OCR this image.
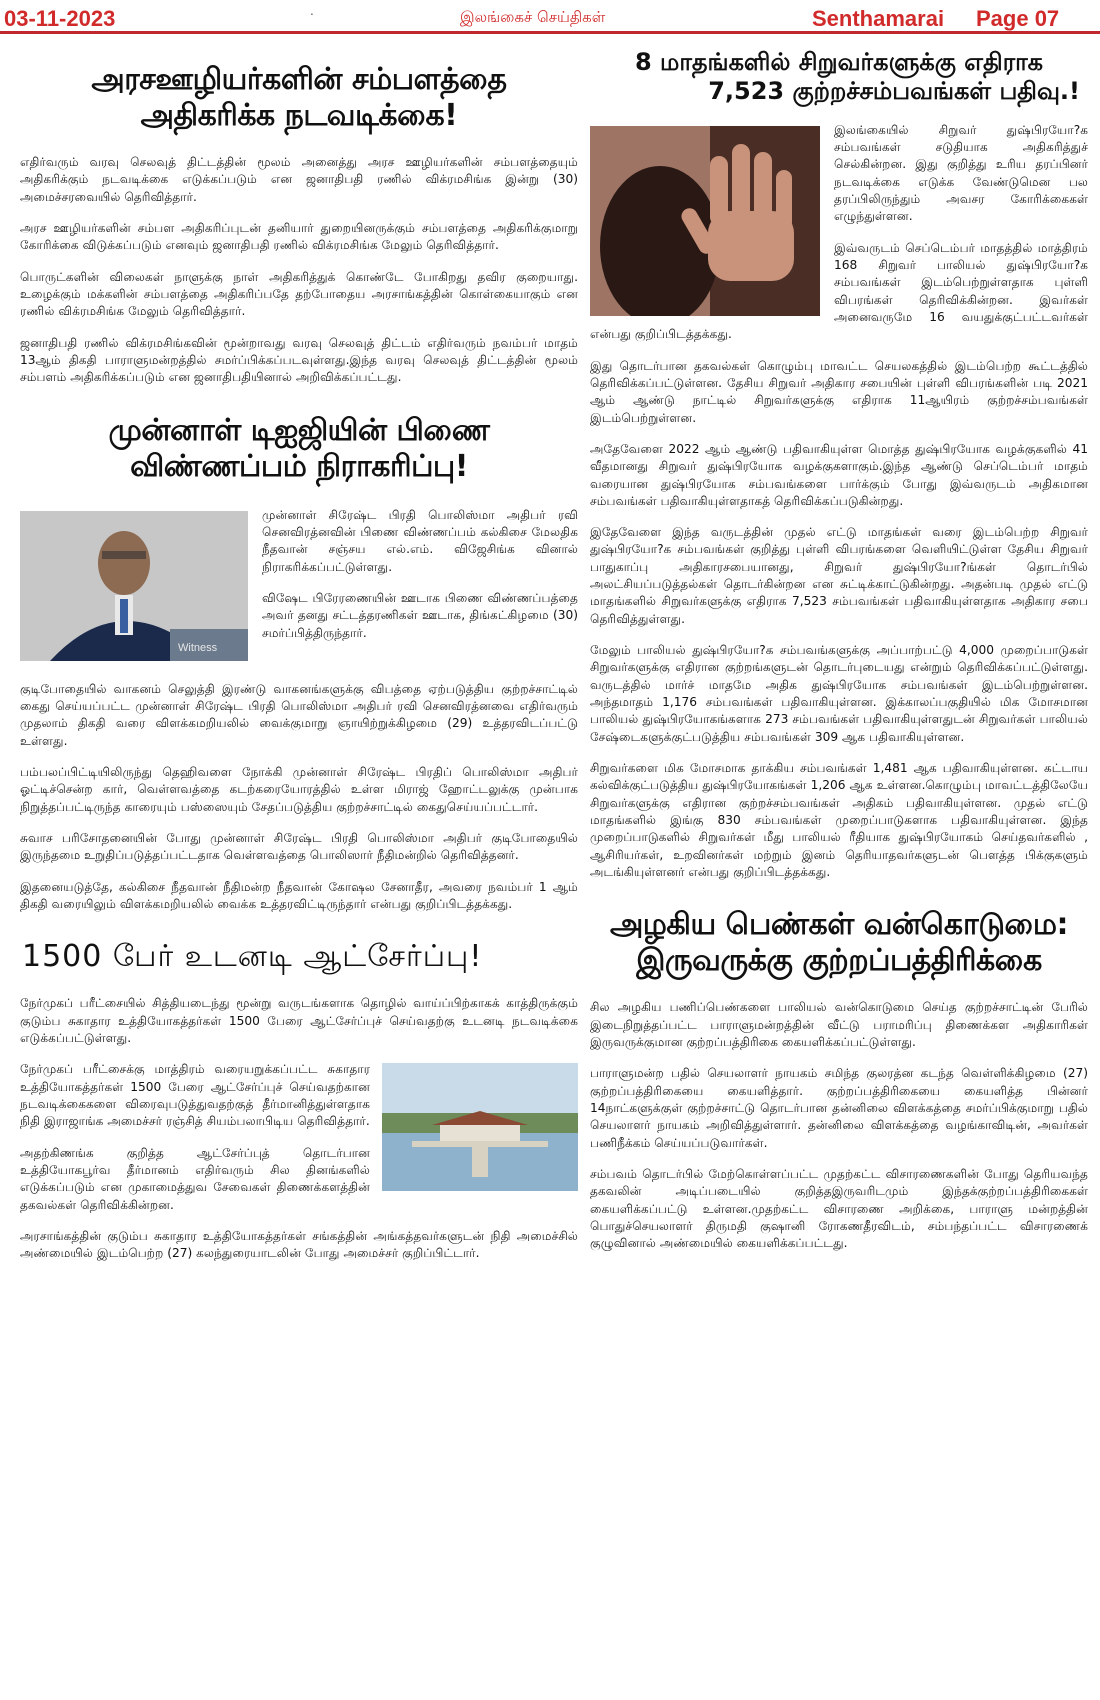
03-11-2023	.	இலங்கைச் செய்திகள்	Senthamarai Page 07
அரசஊழியர்களின் சம்பளத்தை அதிகரிக்க நடவடிக்கை!

எதிர்வரும் வரவு செலவுத் திட்டத்தின் மூலம் அனைத்து அரச ஊழியர்களின் சம்பளத்தையும் அதிகரிக்கும் நடவடிக்கை எடுக்கப்படும் என ஜனாதிபதி ரணில் விக்ரமசிங்க இன்று (30) அமைச்சரவையில் தெரிவித்தார்.

அரச ஊழியர்களின் சம்பள அதிகரிப்புடன் தனியார் துறையினருக்கும் சம்பளத்தை அதிகரிக்குமாறு கோரிக்கை விடுக்கப்படும் எனவும் ஜனாதிபதி ரணில் விக்ரமசிங்க மேலும் தெரிவித்தார்.

பொருட்களின் விலைகள் நாளுக்கு நாள் அதிகரித்துக் கொண்டே போகிறது தவிர குறையாது. உழைக்கும் மக்களின் சம்பளத்தை அதிகரிப்பதே தற்போதைய அரசாங்கத்தின் கொள்கையாகும் என ரணில் விக்ரமசிங்க மேலும் தெரிவித்தார்.

ஜனாதிபதி ரணில் விக்ரமசிங்கவின் மூன்றாவது வரவு செலவுத் திட்டம் எதிர்வரும் நவம்பர் மாதம் 13ஆம் திகதி பாராளுமன்றத்தில் சமர்ப்பிக்கப்படவுள்ளது.இந்த வரவு செலவுத் திட்டத்தின் மூலம் சம்பளம் அதிகரிக்கப்படும் என ஜனாதிபதியினால் அறிவிக்கப்பட்டது.

முன்னாள் டிஐஜியின் பிணை விண்ணப்பம் நிராகரிப்பு!
Witness

முன்னாள் சிரேஷ்ட பிரதி பொலிஸ்மா அதிபர் ரவி செனவிரத்னவின் பிணை விண்ணப்பம் கல்கிசை மேலதிக நீதவான் சஞ்சய எல்.எம். விஜேசிங்க வினால் நிராகரிக்கப்பட்டுள்ளது.

விஷேட பிரேரணையின் ஊடாக பிணை விண்ணப்பத்தை அவர் தனது சட்டத்தரணிகள் ஊடாக, திங்கட்கிழமை (30) சமர்ப்பித்திருந்தார்.

குடிபோதையில் வாகனம் செலுத்தி இரண்டு வாகனங்களுக்கு விபத்தை ஏற்படுத்திய குற்றச்சாட்டில் கைது செய்யப்பட்ட முன்னாள் சிரேஷ்ட பிரதி பொலிஸ்மா அதிபர் ரவி செனவிரத்னவை எதிர்வரும் முதலாம் திகதி வரை விளக்கமறியலில் வைக்குமாறு ஞாயிற்றுக்கிழமை (29) உத்தரவிடப்பட்டு உள்ளது.

பம்பலப்பிட்டியிலிருந்து தெஹிவளை நோக்கி முன்னாள் சிரேஷ்ட பிரதிப் பொலிஸ்மா அதிபர் ஓட்டிச்சென்ற கார், வெள்ளவத்தை கடற்கரையோரத்தில் உள்ள மிராஜ் ஹோட்டலுக்கு முன்பாக நிறுத்தப்பட்டிருந்த காரையும் பஸ்ஸையும் சேதப்படுத்திய குற்றச்சாட்டில் கைதுசெய்யப்பட்டார்.

சுவாச பரிசோதனையின் போது முன்னாள் சிரேஷ்ட பிரதி பொலிஸ்மா அதிபர் குடிபோதையில் இருந்தமை உறுதிப்படுத்தப்பட்டதாக வெள்ளவத்தை பொலிஸார் நீதிமன்றில் தெரிவித்தனர்.

இதனையடுத்தே, கல்கிசை நீதவான் நீதிமன்ற நீதவான் கோஷல சேனாதீர, அவரை நவம்பர் 1 ஆம் திகதி வரையிலும் விளக்கமறியலில் வைக்க உத்தரவிட்டிருந்தார் என்பது குறிப்பிடத்தக்கது.

1500 பேர் உடனடி ஆட்சேர்ப்பு!

நேர்முகப் பரீட்சையில் சித்தியடைந்து மூன்று வருடங்களாக தொழில் வாய்ப்பிற்காகக் காத்திருக்கும் குடும்ப சுகாதார உத்தியோகத்தர்கள் 1500 பேரை ஆட்சேர்ப்புச் செய்வதற்கு உடனடி நடவடிக்கை எடுக்கப்பட்டுள்ளது.

நேர்முகப் பரீட்சைக்கு மாத்திரம் வரையறுக்கப்பட்ட சுகாதார உத்தியோகத்தர்கள் 1500 பேரை ஆட்சேர்ப்புச் செய்வதற்கான நடவடிக்கைகளை விரைவுபடுத்துவதற்குத் தீர்மானித்துள்ளதாக நிதி இராஜாங்க அமைச்சர் ரஞ்சித் சியம்பலாபிடிய தெரிவித்தார்.

அதற்கிணங்க குறித்த ஆட்சேர்ப்புத் தொடர்பான உத்தியோகபூர்வ தீர்மானம் எதிர்வரும் சில தினங்களில் எடுக்கப்படும் என முகாமைத்துவ சேவைகள் திணைக்களத்தின் தகவல்கள் தெரிவிக்கின்றன.

அரசாங்கத்தின் குடும்ப சுகாதார உத்தியோகத்தர்கள் சங்கத்தின் அங்கத்தவர்களுடன் நிதி அமைச்சில் அண்மையில் இடம்பெற்ற (27) கலந்துரையாடலின் போது அமைச்சர் குறிப்பிட்டார்.

8 மாதங்களில் சிறுவர்களுக்கு எதிராக
7,523 குற்றச்சம்பவங்கள் பதிவு.!

இலங்கையில் சிறுவர் துஷ்பிரயோ?க சம்பவங்கள் சடுதியாக அதிகரித்துச் செல்கின்றன. இது குறித்து உரிய தரப்பினர் நடவடிக்கை எடுக்க வேண்டுமென பல தரப்பிலிருந்தும் அவசர கோரிக்கைகள் எழுந்துள்ளன.

இவ்வருடம் செப்டெம்பர் மாதத்தில் மாத்திரம் 168 சிறுவர் பாலியல் துஷ்பிரயோ?க சம்பவங்கள் இடம்பெற்றுள்ளதாக புள்ளி விபரங்கள் தெரிவிக்கின்றன. இவர்கள் அனைவருமே 16 வயதுக்குட்பட்டவர்கள் என்பது குறிப்பிடத்தக்கது.

இது தொடர்பான தகவல்கள் கொழும்பு மாவட்ட செயலகத்தில் இடம்பெற்ற கூட்டத்தில் தெரிவிக்கப்பட்டுள்ளன. தேசிய சிறுவர் அதிகார சபையின் புள்ளி விபரங்களின் படி 2021 ஆம் ஆண்டு நாட்டில் சிறுவர்களுக்கு எதிராக 11ஆயிரம் குற்றச்சம்பவங்கள் இடம்பெற்றுள்ளன.

அதேவேளை 2022 ஆம் ஆண்டு பதிவாகியுள்ள மொத்த துஷ்பிரயோக வழக்குகளில் 41 வீதமானது சிறுவர் துஷ்பிரயோக வழக்குகளாகும்.இந்த ஆண்டு செப்டெம்பர் மாதம் வரையான துஷ்பிரயோக சம்பவங்களை பார்க்கும் போது இவ்வருடம் அதிகமான சம்பவங்கள் பதிவாகியுள்ளதாகத் தெரிவிக்கப்படுகின்றது.

இதேவேளை இந்த வருடத்தின் முதல் எட்டு மாதங்கள் வரை இடம்பெற்ற சிறுவர் துஷ்பிரயோ?க சம்பவங்கள் குறித்து புள்ளி விபரங்களை வெளியிட்டுள்ள தேசிய சிறுவர் பாதுகாப்பு அதிகாரசபையானது, சிறுவர் துஷ்பிரயோ?ங்கள் தொடர்பில் அலட்சியப்படுத்தல்கள் தொடர்கின்றன என சுட்டிக்காட்டுகின்றது. அதன்படி முதல் எட்டு மாதங்களில் சிறுவர்களுக்கு எதிராக 7,523 சம்பவங்கள் பதிவாகியுள்ளதாக அதிகார சபை தெரிவித்துள்ளது.

மேலும் பாலியல் துஷ்பிரயோ?க சம்பவங்களுக்கு அப்பாற்பட்டு 4,000 முறைப்பாடுகள் சிறுவர்களுக்கு எதிரான குற்றங்களுடன் தொடர்புடையது என்றும் தெரிவிக்கப்பட்டுள்ளது. வருடத்தில் மார்ச் மாதமே அதிக துஷ்பிரயோக சம்பவங்கள் இடம்பெற்றுள்ளன. அந்தமாதம் 1,176 சம்பவங்கள் பதிவாகியுள்ளன. இக்காலப்பகுதியில் மிக மோசமான பாலியல் துஷ்பிரயோகங்களாக 273 சம்பவங்கள் பதிவாகியுள்ளதுடன் சிறுவர்கள் பாலியல் சேஷ்டைகளுக்குட்படுத்திய சம்பவங்கள் 309 ஆக பதிவாகியுள்ளன.

சிறுவர்களை மிக மோசமாக தாக்கிய சம்பவங்கள் 1,481 ஆக பதிவாகியுள்ளன. கட்டாய கல்விக்குட்படுத்திய துஷ்பிரயோகங்கள் 1,206 ஆக உள்ளன.கொழும்பு மாவட்டத்திலேயே சிறுவர்களுக்கு எதிரான குற்றச்சம்பவங்கள் அதிகம் பதிவாகியுள்ளன. முதல் எட்டு மாதங்களில் இங்கு 830 சம்பவங்கள் முறைப்பாடுகளாக பதிவாகியுள்ளன. இந்த முறைப்பாடுகளில் சிறுவர்கள் மீது பாலியல் ரீதியாக துஷ்பிரயோகம் செய்தவர்களில் , ஆசிரியர்கள், உறவினர்கள் மற்றும் இனம் தெரியாதவர்களுடன் பௌத்த பிக்குகளும் அடங்கியுள்ளனர் என்பது குறிப்பிடத்தக்கது.

அழகிய பெண்கள் வன்கொடுமை:
இருவருக்கு குற்றப்பத்திரிக்கை

சில அழகிய பணிப்பெண்களை பாலியல் வன்கொடுமை செய்த குற்றச்சாட்டின் பேரில் இடைநிறுத்தப்பட்ட பாராளுமன்றத்தின் வீட்டு பராமரிப்பு திணைக்கள அதிகாரிகள் இருவருக்குமான குற்றப்பத்திரிகை கையளிக்கப்பட்டுள்ளது.

பாராளுமன்ற பதில் செயலாளர் நாயகம் சமிந்த குலரத்ன கடந்த வெள்ளிக்கிழமை (27) குற்றப்பத்திரிகையை கையளித்தார். குற்றப்பத்திரிகையை கையளித்த பின்னர் 14நாட்களுக்குள் குற்றச்சாட்டு தொடர்பான தன்னிலை விளக்கத்தை சமர்ப்பிக்குமாறு பதில் செயலாளர் நாயகம் அறிவித்துள்ளார். தன்னிலை விளக்கத்தை வழங்காவிடின், அவர்கள் பணிநீக்கம் செய்யப்படுவார்கள்.

சம்பவம் தொடர்பில் மேற்கொள்ளப்பட்ட முதற்கட்ட விசாரணைகளின் போது தெரியவந்த தகவலின் அடிப்படையில் குறித்தஇருவரிடமும் இந்தக்குற்றப்பத்திரிகைகள் கையளிக்கப்பட்டு உள்ளன.முதற்கட்ட விசாரணை அறிக்கை, பாராளு மன்றத்தின் பொதுச்செயலாளர் திருமதி குஷானி ரோகணதீரவிடம், சம்பந்தப்பட்ட விசாரணைக் குழுவினால் அண்மையில் கையளிக்கப்பட்டது.
